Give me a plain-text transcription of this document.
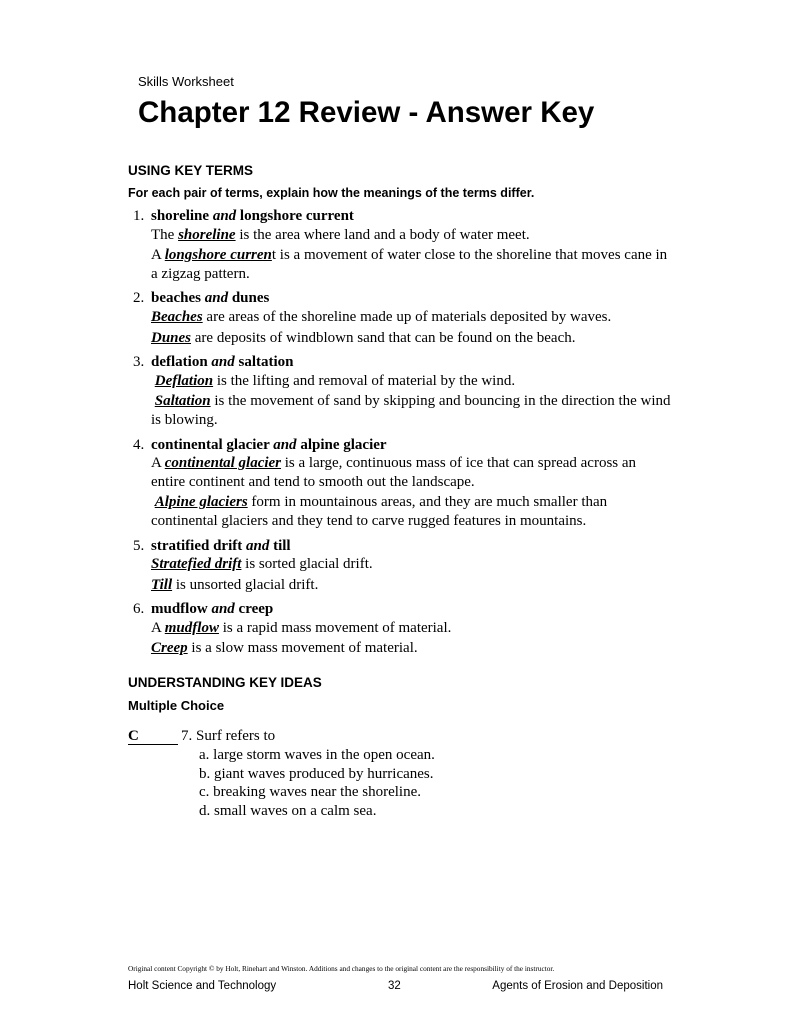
Skills Worksheet
Chapter 12 Review - Answer Key
USING KEY TERMS
For each pair of terms, explain how the meanings of the terms differ.
1. shoreline and longshore current
The shoreline is the area where land and a body of water meet.
A longshore current is a movement of water close to the shoreline that moves cane in a zigzag pattern.
2. beaches and dunes
Beaches are areas of the shoreline made up of materials deposited by waves.
Dunes are deposits of windblown sand that can be found on the beach.
3. deflation and saltation
Deflation is the lifting and removal of material by the wind.
Saltation is the movement of sand by skipping and bouncing in the direction the wind is blowing.
4. continental glacier and alpine glacier
A continental glacier is a large, continuous mass of ice that can spread across an entire continent and tend to smooth out the landscape.
Alpine glaciers form in mountainous areas, and they are much smaller than continental glaciers and they tend to carve rugged features in mountains.
5. stratified drift and till
Stratefied drift is sorted glacial drift.
Till is unsorted glacial drift.
6. mudflow and creep
A mudflow is a rapid mass movement of material.
Creep is a slow mass movement of material.
UNDERSTANDING KEY IDEAS
Multiple Choice
C	7. Surf refers to
a. large storm waves in the open ocean.
b. giant waves produced by hurricanes.
c. breaking waves near the shoreline.
d. small waves on a calm sea.
Original content Copyright © by Holt, Rinehart and Winston. Additions and changes to the original content are the responsibility of the instructor.
Holt Science and Technology	32	Agents of Erosion and Deposition
